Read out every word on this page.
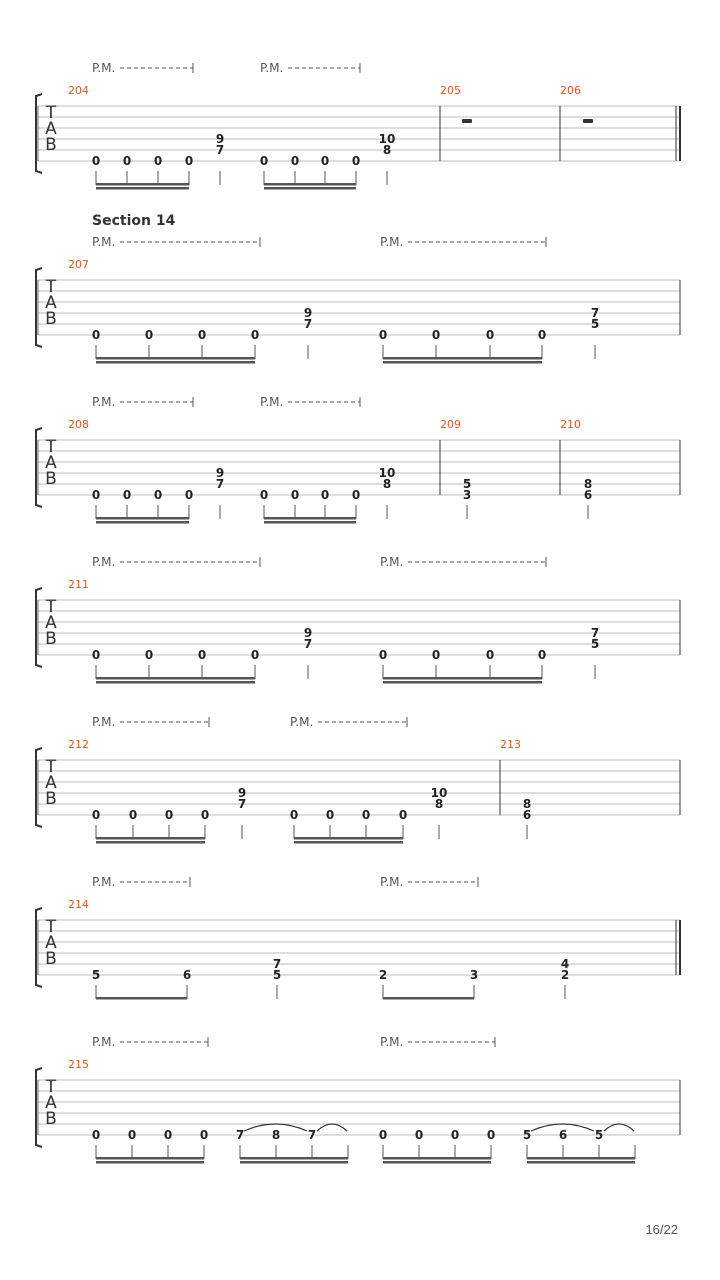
Section 14
16/22
P.M.	P.M.
T
A
B
204
0 0 0 0
7
9
0 0 0 0
8
10
205	206
P.M.	P.M.
T
A
B
207
0	0	0	0
7
9
0	0	0	0
5
7
P.M.	P.M.
T
A
B
208
0 0 0 0
7
9
0 0 0 0
8
10
209
3
5
210
6
8
P.M.	P.M.
T
A
B
211
0	0	0	0
7
9
0	0	0	0
5
7
P.M.	P.M.
T
A
B
212
0 0 0 0
7
9
0 0 0 0
8
10
213
6
8
P.M.	P.M.
T
A
B
214
5	6	5
7
2	3	2
4
P.M.	P.M.
T
A
B
215
0 0 0 0 7 8 7	0 0 0 0 5 6 5
